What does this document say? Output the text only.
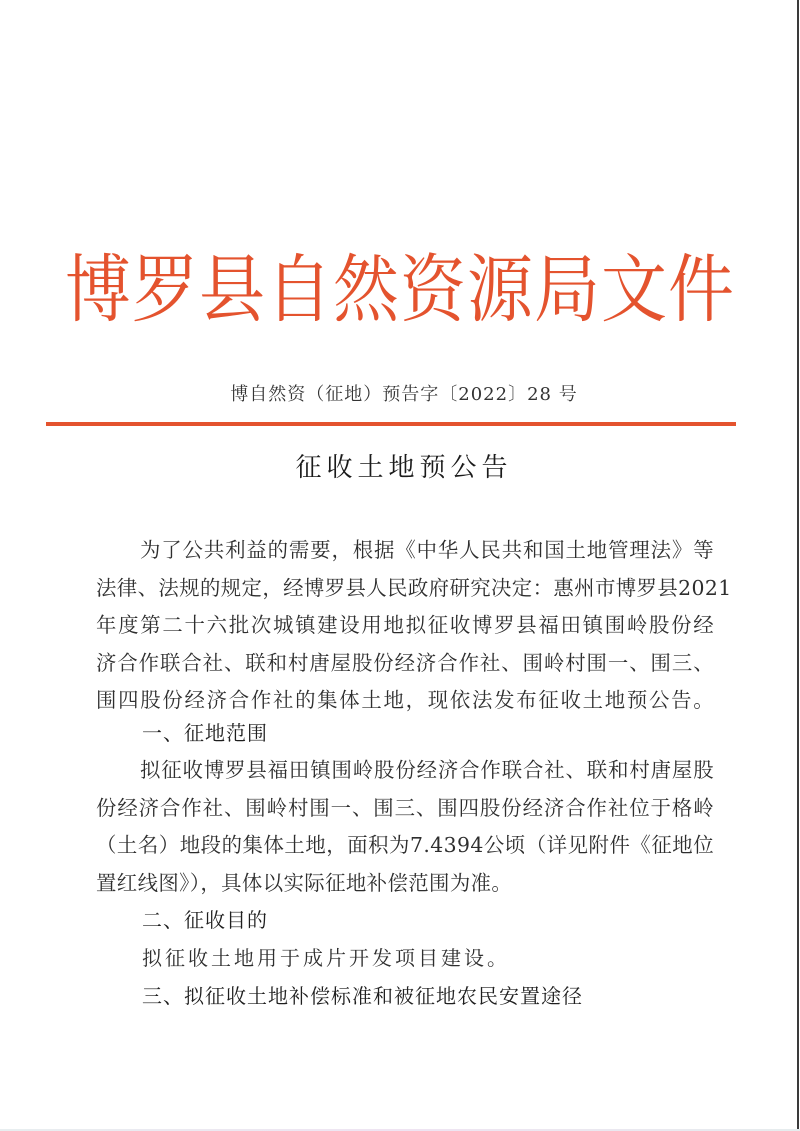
博罗县自然资源局文件
博自然资（征地）预告字〔2022〕28 号
征收土地预公告
为了公共利益的需要，根据《中华人民共和国土地管理法》等
法律、法规的规定，经博罗县人民政府研究决定：惠州市博罗县2021
年度第二十六批次城镇建设用地拟征收博罗县福田镇围岭股份经
济合作联合社、联和村唐屋股份经济合作社、围岭村围一、围三、
围四股份经济合作社的集体土地，现依法发布征收土地预公告。
一、征地范围
拟征收博罗县福田镇围岭股份经济合作联合社、联和村唐屋股
份经济合作社、围岭村围一、围三、围四股份经济合作社位于格岭
（土名）地段的集体土地，面积为7.4394公顷（详见附件《征地位
置红线图》），具体以实际征地补偿范围为准。
二、征收目的
拟征收土地用于成片开发项目建设。
三、拟征收土地补偿标准和被征地农民安置途径
